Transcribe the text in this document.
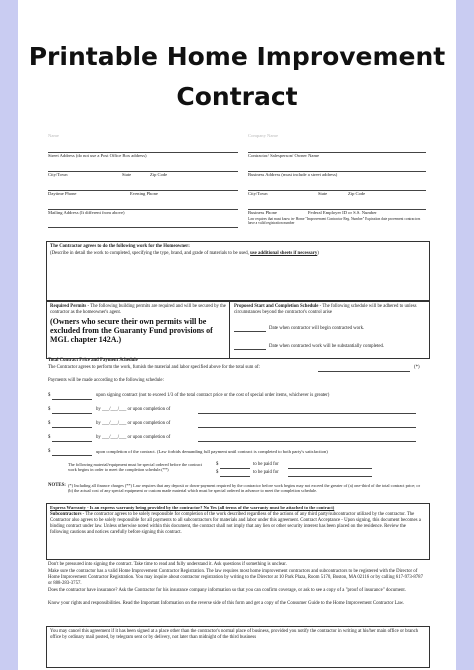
Printable Home Improvement
Contract
Name	Company Name
Street Address (do not use a Post Office Box address)	Contractor/ Salesperson/ Owner Name
City/Town	State	Zip Code	Business Address (must include a street address)
Daytime Phone	Evening Phone	City/Town	State	Zip Code
Mailing Address (It different from above)	Business Phone	Federal Employer ID or S.S. Number
Law requires that must know in- Home "Improvement Contractor Reg. Number" Expiration date provement contractors have a valid registration number
The Contractor agrees to do the following work for the Homeowner:
(Describe in detail the work to completed, specifying the type, brand, and grade of materials to be used, use additional sheets if necessary)
Required Permits - The following building permits are required and will be secured by the contractor as the homeowner's agent.
(Owners who secure their own permits will be excluded from the Guaranty Fund provisions of MGL chapter 142A.)
Proposed Start and Completion Schedule - The following schedule will be adhered to unless circumstances beyond the contractor's control arise
Date when contractor will begin contracted work.
Date when contracted work will be substantially completed.
Total Contract Price and Payment Schedule
The Contractor agrees to perform the work, furnish the material and labor specified above for the total sum of:	(*)
Payments will be made according to the following schedule:
$	upon signing contract (not to exceed 1/3 of the total contract price or the cost of special order items, whichever is greater)
$	by ___/___/___ or upon completion of
$	by ___/___/___ or upon completion of
$	by ___/___/___ or upon completion of
$	upon completion of the contract. (Law forbids demanding full payment until contract is completed to both party's satisfaction)
The following material/equipment must be special ordered before the contract work begins in order to meet the completion schedule.(**)
$	to be paid for
$	to be paid for
NOTES: (*) Including all finance charges (**) Law requires that any deposit or down-payment required by the contractor before work begins may not exceed the greater of (a) one-third of the total contract price; or (b) the actual cost of any special equipment or custom made material which must be special ordered in advance to meet the completion schedule.
Express Warranty - Is an express warranty being provided by the contractor? No Yes (all terms of the warranty must be attached to the contract)
Subcontractors - The contractor agrees to be solely responsible for completion of the work described regardless of the actions of any third party/subcontractor utilized by the contractor. The Contractor also agrees to be solely responsible for all payments to all subcontractors for materials and labor under this agreement. Contract Acceptance - Upon signing, this document becomes a binding contract under law. Unless otherwise noted within this document, the contract shall not imply that any lien or other security interest has been placed on the residence. Review the following cautions and notices carefully before signing this contract.
Don't be pressured into signing the contract. Take time to read and fully understand it. Ask questions if something is unclear.
Make sure the contractor has a valid Home Improvement Contractor Registration. The law requires most home improvement contractors and subcontractors to be registered with the Director of Home Improvement Contractor Registration. You may inquire about contractor registration by writing to the Director at 10 Park Plaza, Room 5170, Boston, MA 02116 or by calling 617-973-8787 or 888-283-3757.
Does the contractor have insurance? Ask the Contractor for his insurance company information so that you can confirm coverage, or ask to see a copy of a "proof of insurance" document.
Know your rights and responsibilities. Read the Important Information on the reverse side of this form and get a copy of the Consumer Guide to the Home Improvement Contractor Law.
You may cancel this agreement if it has been signed at a place other than the contractor's normal place of business, provided you notify the contractor in writing at his/her main office or branch office by ordinary mail posted, by telegram sent or by delivery, not later than midnight of the third business
